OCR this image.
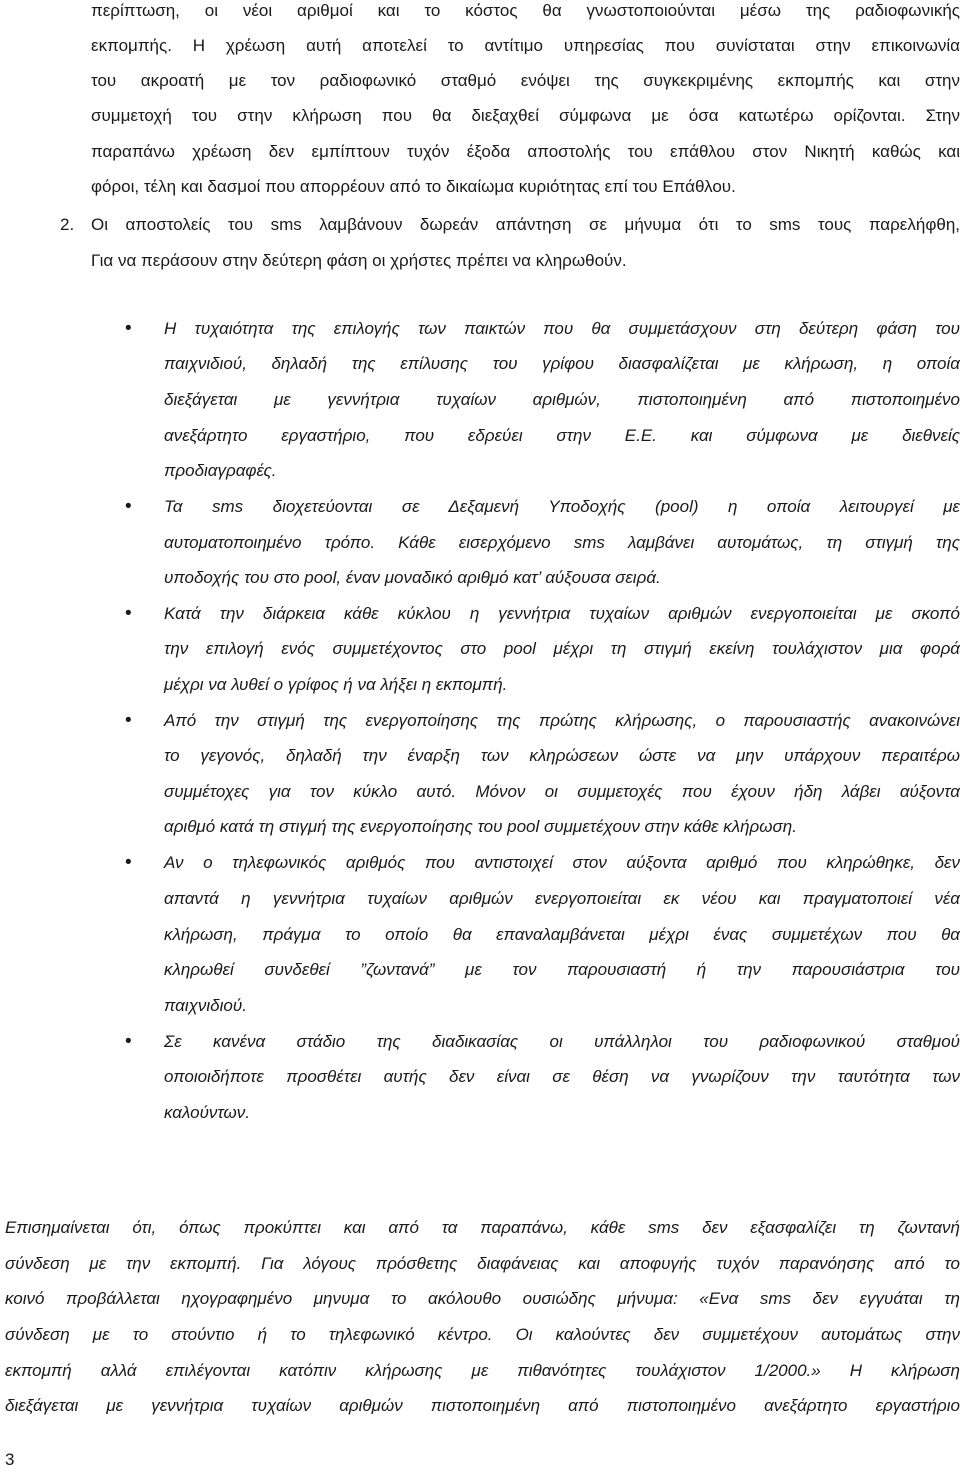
περίπτωση, οι νέοι αριθμοί και το κόστος θα γνωστοποιούνται μέσω της ραδιοφωνικής

εκπομπής. Η χρέωση αυτή αποτελεί το αντίτιμο υπηρεσίας που συνίσταται στην επικοινωνία

του ακροατή με τον ραδιοφωνικό σταθμό ενόψει της συγκεκριμένης εκπομπής και στην

συμμετοχή του στην κλήρωση που θα διεξαχθεί σύμφωνα με όσα κατωτέρω ορίζονται. Στην

παραπάνω χρέωση δεν εμπίπτουν τυχόν έξοδα αποστολής του επάθλου στον Νικητή καθώς και

φόροι, τέλη και δασμοί που απορρέουν από το δικαίωμα κυριότητας επί του Επάθλου.

2. Οι αποστολείς του sms λαμβάνουν δωρεάν απάντηση σε μήνυμα ότι το sms τους παρελήφθη,

Για να περάσουν στην δεύτερη φάση οι χρήστες πρέπει να κληρωθούν.

• Η τυχαιότητα της επιλογής των παικτών που θα συμμετάσχουν στη δεύτερη φάση του

παιχνιδιού, δηλαδή της επίλυσης του γρίφου διασφαλίζεται με κλήρωση, η οποία

διεξάγεται με γεννήτρια τυχαίων αριθμών, πιστοποιημένη από πιστοποιημένο

ανεξάρτητο εργαστήριο, που εδρεύει στην Ε.Ε. και σύμφωνα με διεθνείς

προδιαγραφές.

• Τα sms διοχετεύονται σε Δεξαμενή Υποδοχής (pool) η οποία λειτουργεί με

αυτοματοποιημένο τρόπο. Κάθε εισερχόμενο sms λαμβάνει αυτομάτως, τη στιγμή της

υποδοχής του στο pool, έναν μοναδικό αριθμό κατ’ αύξουσα σειρά.

• Κατά την διάρκεια κάθε κύκλου η γεννήτρια τυχαίων αριθμών ενεργοποιείται με σκοπό

την επιλογή ενός συμμετέχοντος στο pool μέχρι τη στιγμή εκείνη τουλάχιστον μια φορά

μέχρι να λυθεί ο γρίφος ή να λήξει η εκπομπή.

• Από την στιγμή της ενεργοποίησης της πρώτης κλήρωσης, ο παρουσιαστής ανακοινώνει

το γεγονός, δηλαδή την έναρξη των κληρώσεων ώστε να μην υπάρχουν περαιτέρω

συμμέτοχες για τον κύκλο αυτό. Μόνον οι συμμετοχές που έχουν ήδη λάβει αύξοντα

αριθμό κατά τη στιγμή της ενεργοποίησης του pool συμμετέχουν στην κάθε κλήρωση.

• Αν ο τηλεφωνικός αριθμός που αντιστοιχεί στον αύξοντα αριθμό που κληρώθηκε, δεν

απαντά η γεννήτρια τυχαίων αριθμών ενεργοποιείται εκ νέου και πραγματοποιεί νέα

κλήρωση, πράγμα το οποίο θα επαναλαμβάνεται μέχρι ένας συμμετέχων που θα

κληρωθεί συνδεθεί ”ζωντανά” με τον παρουσιαστή ή την παρουσιάστρια του

παιχνιδιού.

• Σε κανένα στάδιο της διαδικασίας οι υπάλληλοι του ραδιοφωνικού σταθμού

οποιοιδήποτε προσθέτει αυτής δεν είναι σε θέση να γνωρίζουν την ταυτότητα των

καλούντων.

Επισημαίνεται ότι, όπως προκύπτει και από τα παραπάνω, κάθε sms δεν εξασφαλίζει τη ζωντανή

σύνδεση με την εκπομπή. Για λόγους πρόσθετης διαφάνειας και αποφυγής τυχόν παρανόησης από το

κοινό προβάλλεται ηχογραφημένο μηνυμα το ακόλουθο ουσιώδης μήνυμα: «Ενα sms δεν εγγυάται τη

σύνδεση με το στούντιο ή το τηλεφωνικό κέντρο. Οι καλούντες δεν συμμετέχουν αυτομάτως στην

εκπομπή αλλά επιλέγονται κατόπιν κλήρωσης με πιθανότητες τουλάχιστον 1/2000.» Η κλήρωση

διεξάγεται με γεννήτρια τυχαίων αριθμών πιστοποιημένη από πιστοποιημένο ανεξάρτητο εργαστήριο

3
